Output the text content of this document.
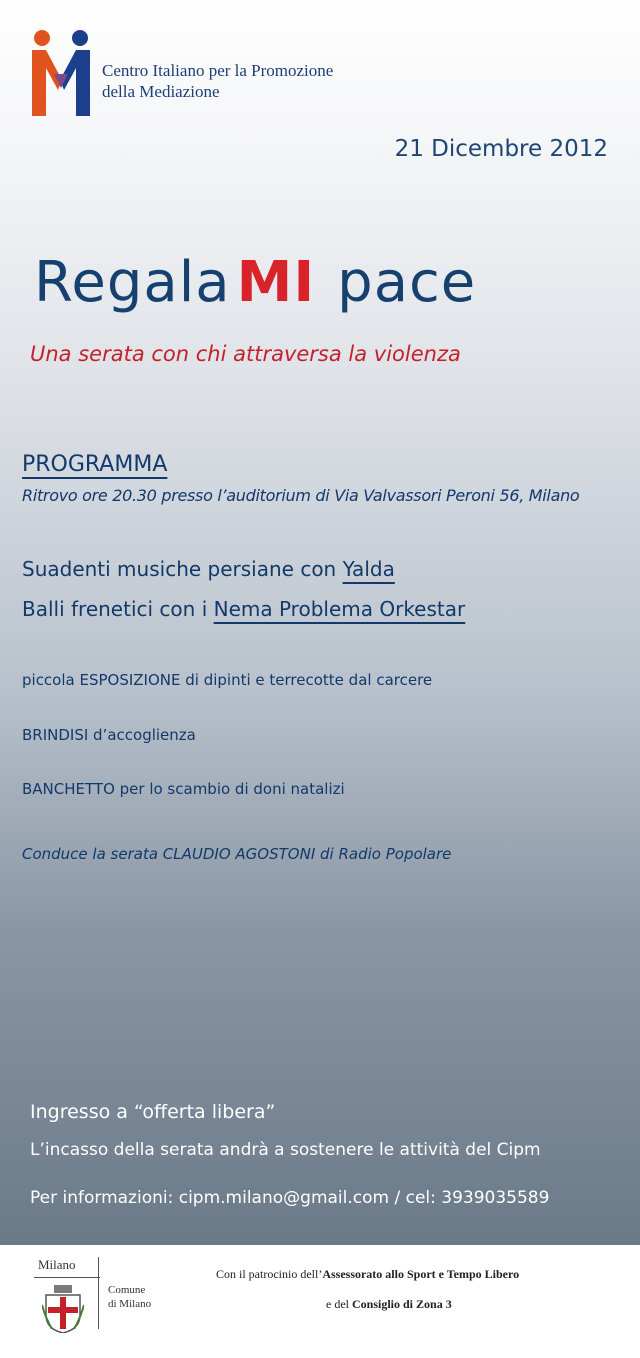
Centro Italiano per la Promozione
della Mediazione
21 Dicembre 2012
Regala MI pace
Una serata con chi attraversa la violenza
PROGRAMMA
Ritrovo ore 20.30 presso l’auditorium di Via Valvassori Peroni 56, Milano
Suadenti musiche persiane con Yalda
Balli frenetici con i Nema Problema Orkestar
piccola ESPOSIZIONE di dipinti e terrecotte dal carcere
BRINDISI d’accoglienza
BANCHETTO per lo scambio di doni natalizi
Conduce la serata CLAUDIO AGOSTONI di Radio Popolare
Ingresso a “offerta libera”
L’incasso della serata andrà a sostenere le attività del Cipm
Per informazioni: cipm.milano@gmail.com / cel: 3939035589
Milano
Comune
di Milano
Con il patrocinio dell’Assessorato allo Sport e Tempo Libero
e del Consiglio di Zona 3
